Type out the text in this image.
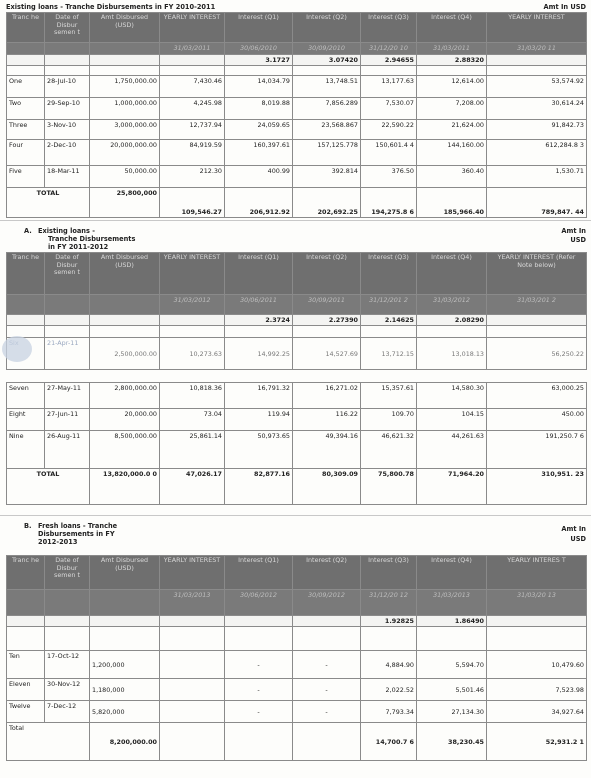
Existing loans - Tranche Disbursements in FY 2010-2011	Amt In USD
Tranc he	Date of Disbur semen t	Amt Disbursed (USD)	YEARLY INTEREST	Interest (Q1)	Interest (Q2)	Interest (Q3)	Interest (Q4)	YEARLY INTEREST
			31/03/2011	30/06/2010	30/09/2010	31/12/20 10	31/03/2011	31/03/20 11
				3.1727	3.07420	2.94655	2.88320	

One	28-Jul-10	1,750,000.00	7,430.46	14,034.79	13,748.51	13,177.63	12,614.00	53,574.92
Two	29-Sep-10	1,000,000.00	4,245.98	8,019.88	7,856.289	7,530.07	7,208.00	30,614.24
Three	3-Nov-10	3,000,000.00	12,737.94	24,059.65	23,568.867	22,590.22	21,624.00	91,842.73
Four	2-Dec-10	20,000,000.00	84,919.59	160,397.61	157,125.778	150,601.4 4	144,160.00	612,284.8 3
Five	18-Mar-11	50,000.00	212.30	400.99	392.814	376.50	360.40	1,530.71
TOTAL		25,800,000	109,546.27	206,912.92	202,692.25	194,275.8 6	185,966.40	789,847. 44
A. Existing loans -
Tranche Disbursements
in FY 2011-2012
Amt In
USD
Tranc he	Date of Disbur semen t	Amt Disbursed (USD)	YEARLY INTEREST	Interest (Q1)	Interest (Q2)	Interest (Q3)	Interest (Q4)	YEARLY INTEREST (Refer Note below)
			31/03/2012	30/06/2011	30/09/2011	31/12/201 2	31/03/2012	31/03/201 2
				2.3724	2.27390	2.14625	2.08290	

	21-Apr-11	2,500,000.00	10,273.63	14,992.25	14,527.69	13,712.15	13,018.13	56,250.22
Seven	27-May-11	2,800,000.00	10,818.36	16,791.32	16,271.02	15,357.61	14,580.30	63,000.25
Eight	27-Jun-11	20,000.00	73.04	119.94	116.22	109.70	104.15	450.00
Nine	26-Aug-11	8,500,000.00	25,861.14	50,973.65	49,394.16	46,621.32	44,261.63	191,250.7 6
TOTAL		13,820,000.0 0	47,026.17	82,877.16	80,309.09	75,800.78	71,964.20	310,951. 23
B. Fresh loans - Tranche
Disbursements in FY
2012-2013
Amt In
USD
Tranc he	Date of Disbur semen t	Amt Disbursed (USD)	YEARLY INTEREST	Interest (Q1)	Interest (Q2)	Interest (Q3)	Interest (Q4)	YEARLY INTERES T
			31/03/2013	30/06/2012	30/09/2012	31/12/20 12	31/03/2013	31/03/20 13
						1.92825	1.86490	

Ten	17-Oct-12	1,200,000		-	-	4,884.90	5,594.70	10,479.60
Eleven	30-Nov-12	1,180,000		-	-	2,022.52	5,501.46	7,523.98
Twelve	7-Dec-12	5,820,000		-	-	7,793.34	27,134.30	34,927.64
Total		8,200,000.00				14,700.7 6	38,230.45	52,931.2 1
